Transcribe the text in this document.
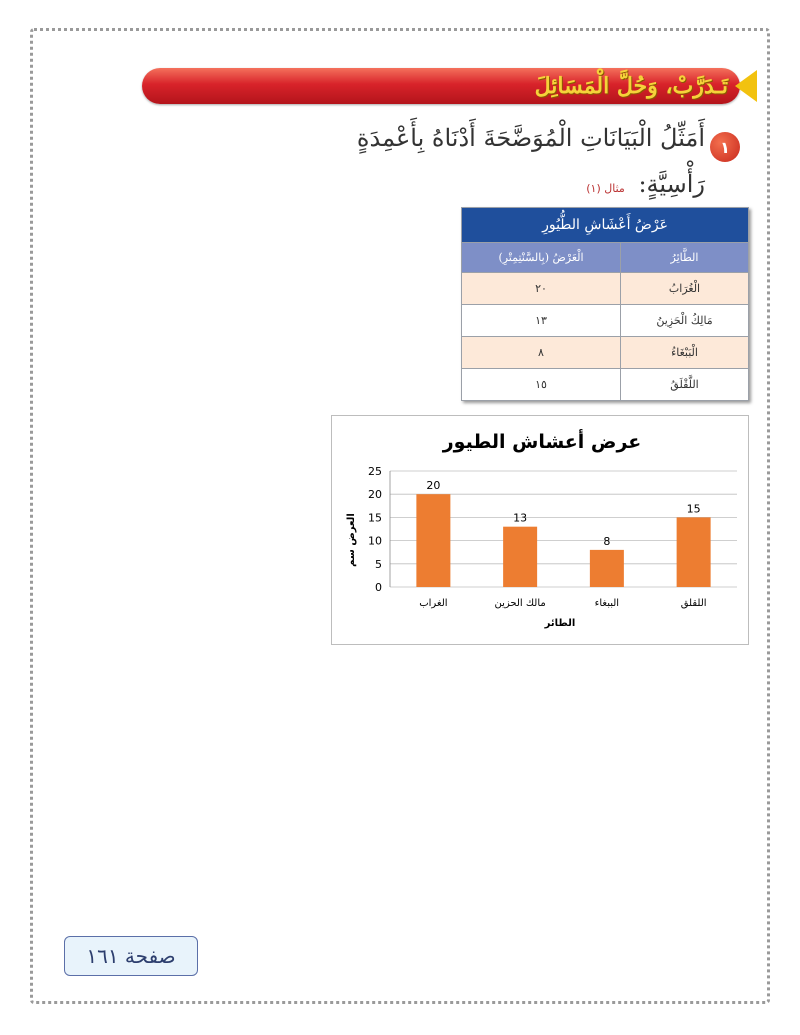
تَـدَرَّبْ، وَحُلَّ الْمَسَائِلَ
١
أَمَثِّلُ الْبَيَانَاتِ الْمُوَضَّحَةَ أَدْنَاهُ بِأَعْمِدَةٍ
رَأْسِيَّةٍ: مثال (١)
عَرْضُ أَعْشَاشِ الطُّيُورِ	
الطَّائِرُ	الْعَرْضُ (بِالسَّنْتِمِتْرِ)
الْغُرَابُ	٢٠
مَالِكُ الْحَزِينُ	١٣
الْبَبْغَاءُ	٨
اللَّقْلَقُ	١٥
عرض أعشاش الطيور
0
5
10
15
20
25
20
13
8
15
الغراب	مالك الحزين	الببغاء	اللقلق
الطائر
العرض سم
صفحة ١٦١
